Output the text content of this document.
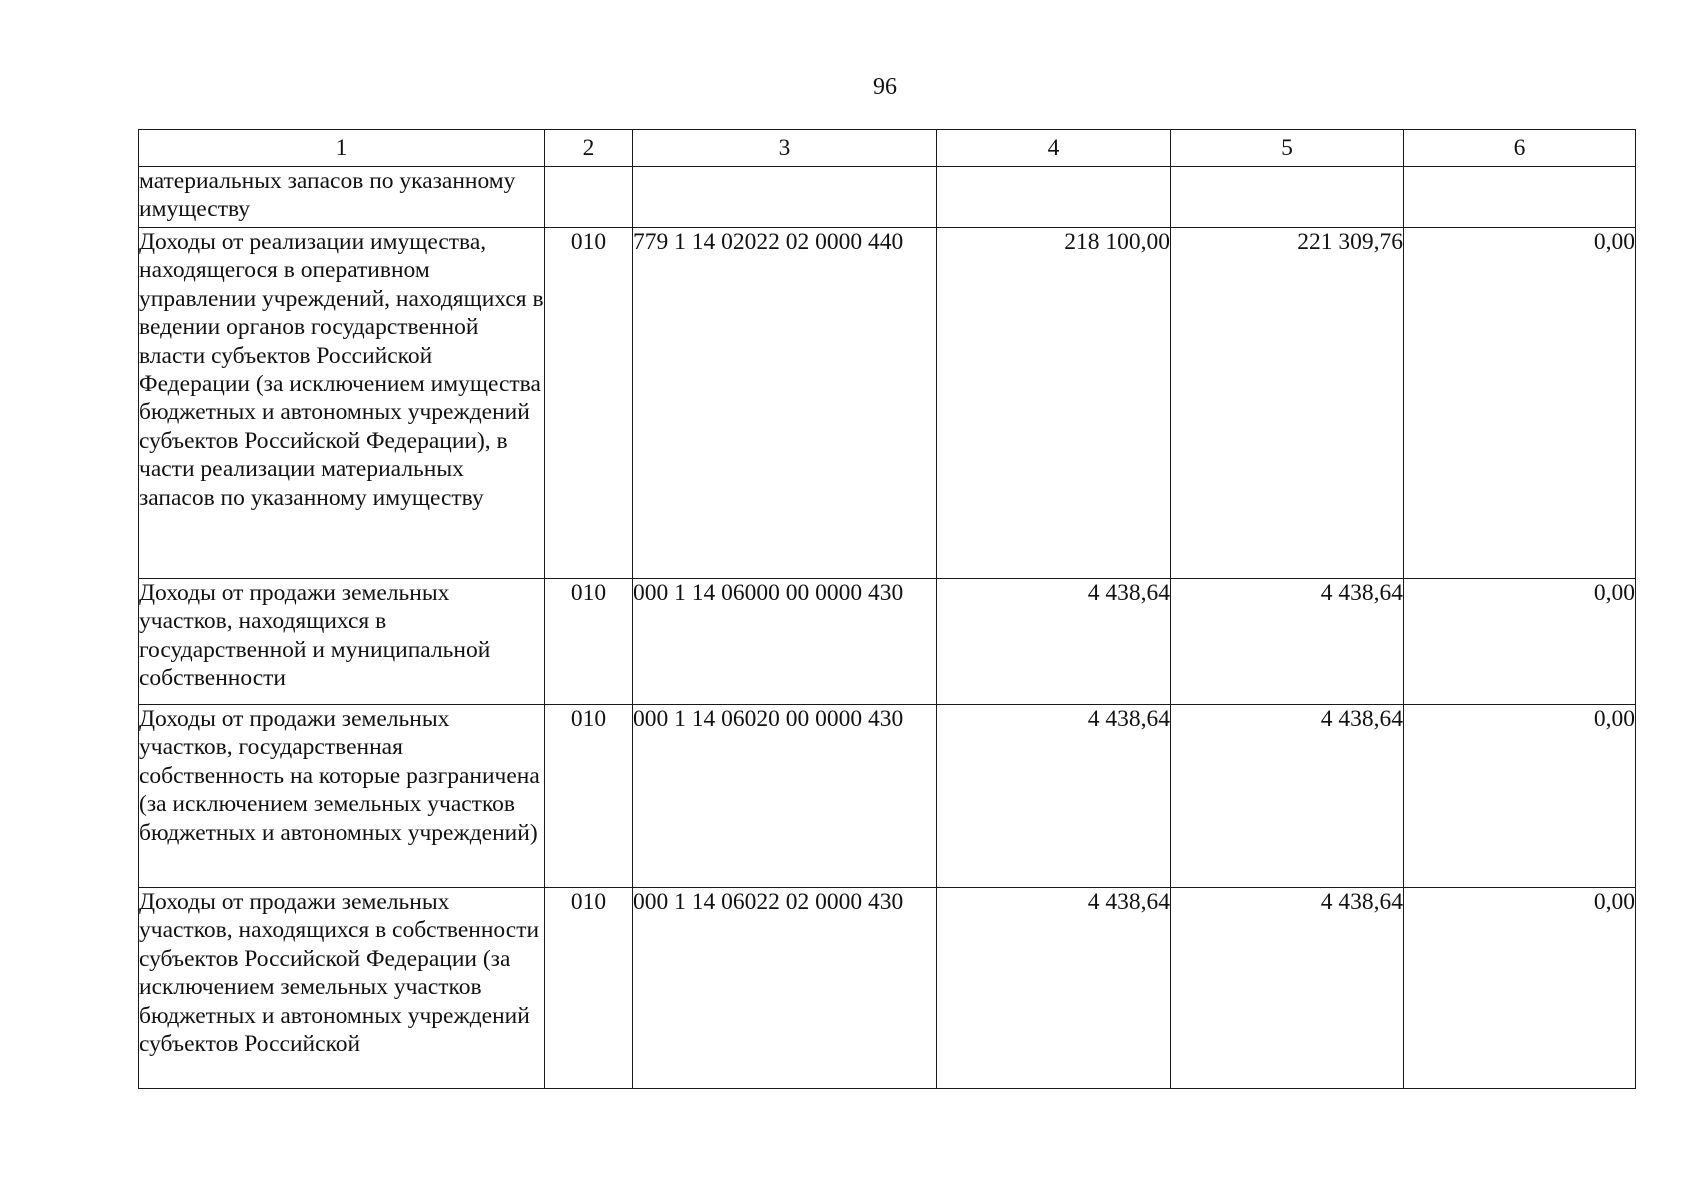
96
1	2	3	4	5	6
материальных запасов по указанному имуществу					
Доходы от реализации имущества, находящегося в оперативном управлении учреждений, находящихся в ведении органов государственной власти субъектов Российской Федерации (за исключением имущества бюджетных и автономных учреждений субъектов Российской Федерации), в части реализации материальных запасов по указанному имуществу	010	779 1 14 02022 02 0000 440	218 100,00	221 309,76	0,00
Доходы от продажи земельных участков, находящихся в государственной и муниципальной собственности	010	000 1 14 06000 00 0000 430	4 438,64	4 438,64	0,00
Доходы от продажи земельных участков, государственная собственность на которые разграничена (за исключением земельных участков бюджетных и автономных учреждений)	010	000 1 14 06020 00 0000 430	4 438,64	4 438,64	0,00
Доходы от продажи земельных участков, находящихся в собственности субъектов Российской Федерации (за исключением земельных участков бюджетных и автономных учреждений субъектов Российской	010	000 1 14 06022 02 0000 430	4 438,64	4 438,64	0,00
